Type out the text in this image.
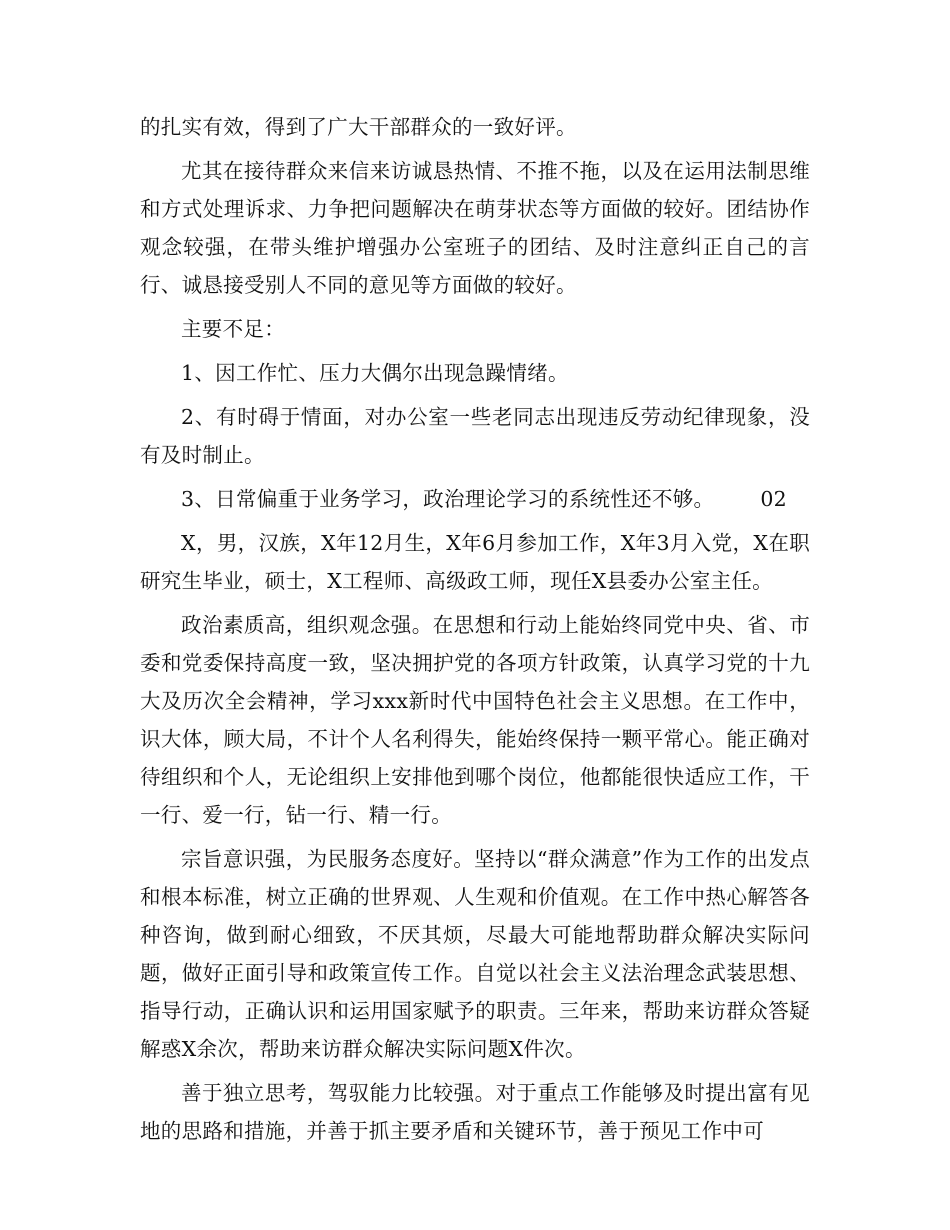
的扎实有效，得到了广大干部群众的一致好评。

尤其在接待群众来信来访诚恳热情、不推不拖，以及在运用法制思维和方式处理诉求、力争把问题解决在萌芽状态等方面做的较好。团结协作观念较强，在带头维护增强办公室班子的团结、及时注意纠正自己的言行、诚恳接受别人不同的意见等方面做的较好。

主要不足：

1、因工作忙、压力大偶尔出现急躁情绪。

2、有时碍于情面，对办公室一些老同志出现违反劳动纪律现象，没有及时制止。

3、日常偏重于业务学习，政治理论学习的系统性还不够。 02

X，男，汉族，X年12月生，X年6月参加工作，X年3月入党，X在职研究生毕业，硕士，X工程师、高级政工师，现任X县委办公室主任。

政治素质高，组织观念强。在思想和行动上能始终同党中央、省、市委和党委保持高度一致，坚决拥护党的各项方针政策，认真学习党的十九大及历次全会精神，学习xxx新时代中国特色社会主义思想。在工作中，识大体，顾大局，不计个人名利得失，能始终保持一颗平常心。能正确对待组织和个人，无论组织上安排他到哪个岗位，他都能很快适应工作，干一行、爱一行，钻一行、精一行。

宗旨意识强，为民服务态度好。坚持以“群众满意”作为工作的出发点和根本标准，树立正确的世界观、人生观和价值观。在工作中热心解答各种咨询，做到耐心细致，不厌其烦，尽最大可能地帮助群众解决实际问题，做好正面引导和政策宣传工作。自觉以社会主义法治理念武装思想、指导行动，正确认识和运用国家赋予的职责。三年来，帮助来访群众答疑解惑X余次，帮助来访群众解决实际问题X件次。

善于独立思考，驾驭能力比较强。对于重点工作能够及时提出富有见地的思路和措施，并善于抓主要矛盾和关键环节，善于预见工作中可
